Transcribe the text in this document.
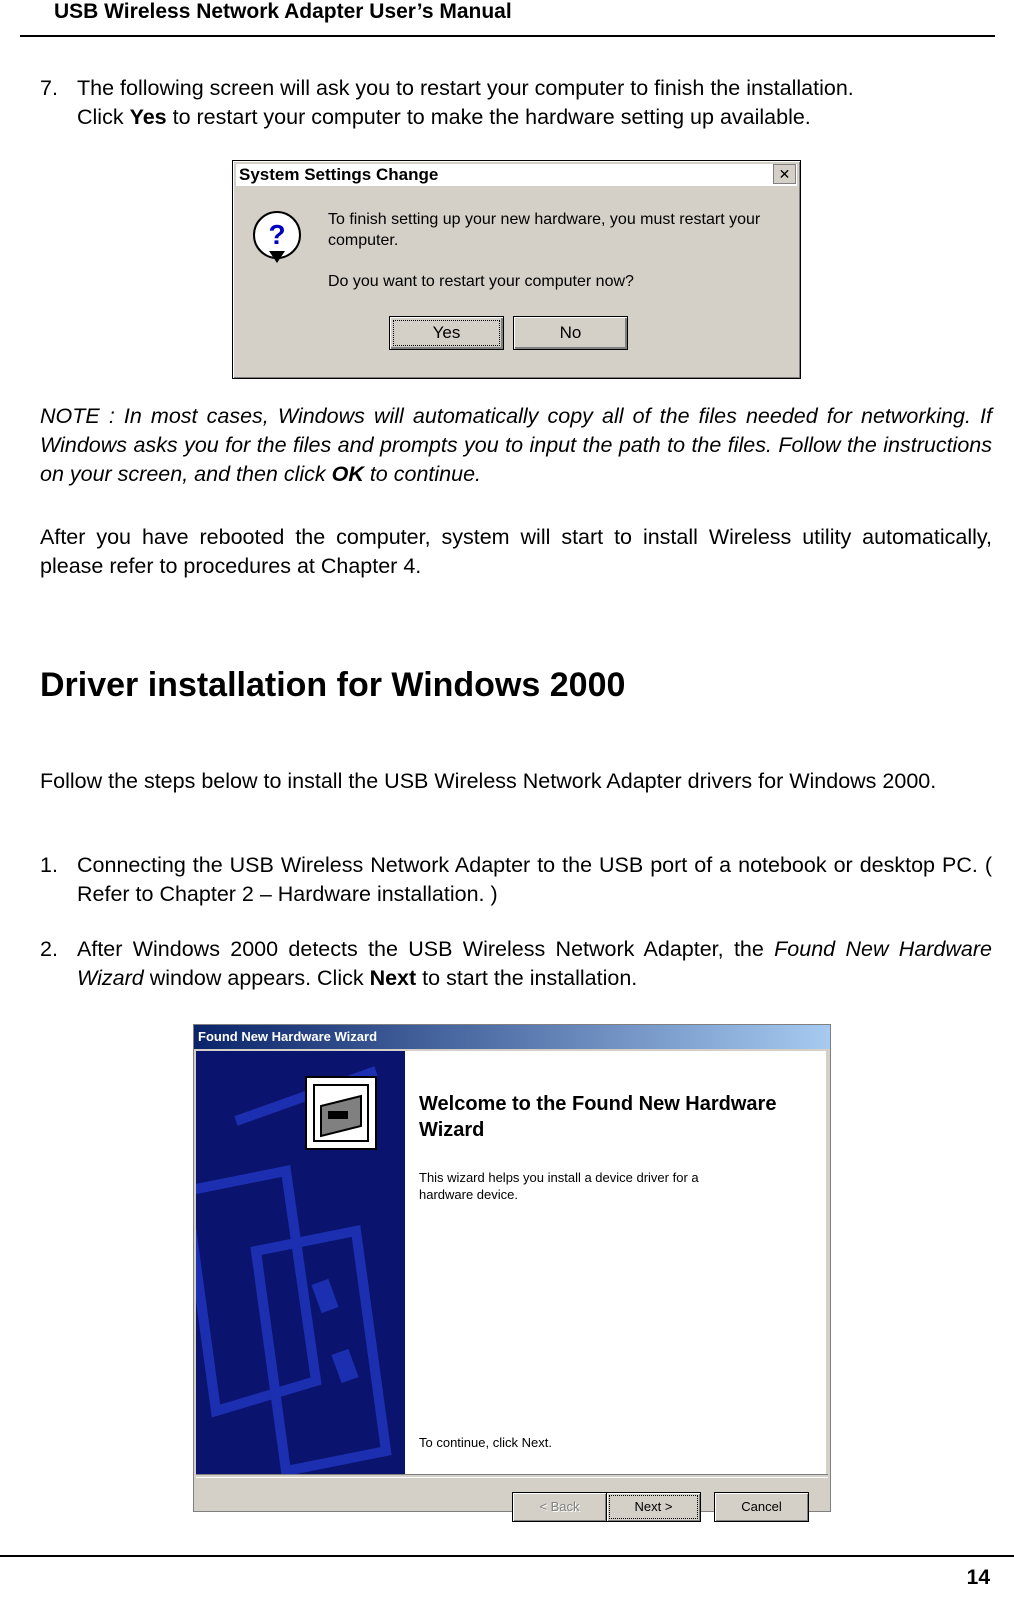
USB Wireless Network Adapter User’s Manual
7. The following screen will ask you to restart your computer to finish the installation.
Click Yes to restart your computer to make the hardware setting up available.
System Settings Change	✕
?	To finish setting up your new hardware, you must restart your computer.
Do you want to restart your computer now?
Yes	No
NOTE : In most cases, Windows will automatically copy all of the files needed for networking. If Windows asks you for the files and prompts you to input the path to the files. Follow the instructions on your screen, and then click OK to continue.
After you have rebooted the computer, system will start to install Wireless utility automatically, please refer to procedures at Chapter 4.
Driver installation for Windows 2000
Follow the steps below to install the USB Wireless Network Adapter drivers for Windows 2000.
1. Connecting the USB Wireless Network Adapter to the USB port of a notebook or desktop PC. ( Refer to Chapter 2 – Hardware installation. )
2. After Windows 2000 detects the USB Wireless Network Adapter, the Found New Hardware Wizard window appears. Click Next to start the installation.
Found New Hardware Wizard
Welcome to the Found New Hardware Wizard
This wizard helps you install a device driver for a hardware device.
To continue, click Next.
< Back	Next >	Cancel
14
